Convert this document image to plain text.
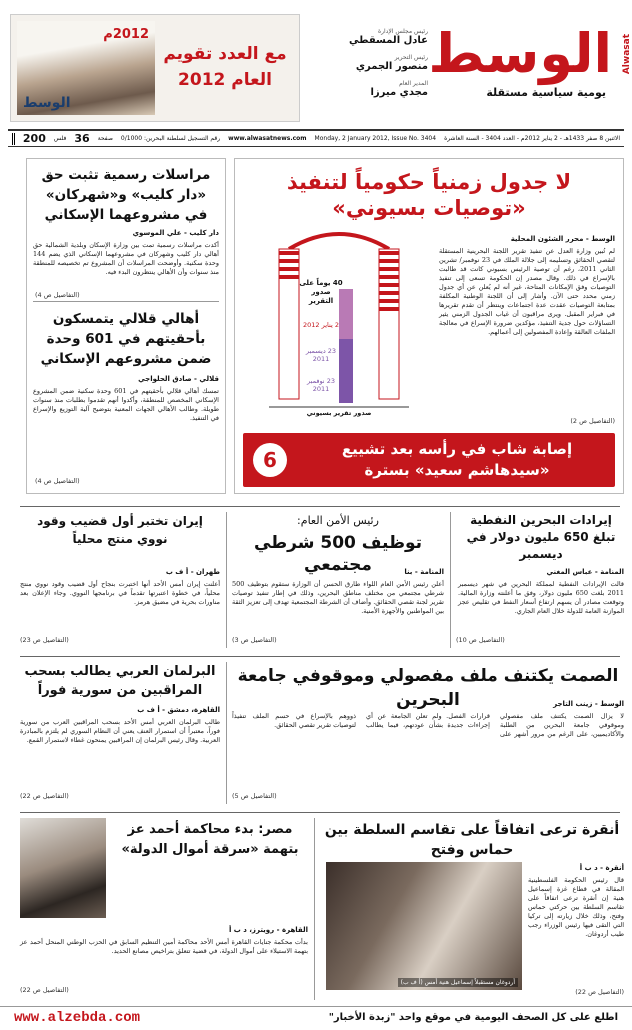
الوسط Alwasat
يومية سياسية مستقلة
رئيس مجلس الإدارة
عادل المسقطي
رئيس التحرير
منصور الجمري
المدير العام
مجدي ميرزا
2012م
الوسط
مع العدد تقويم العام 2012
الاثنين 8 صفر 1433هـ - 2 يناير 2012م - العدد 3404 - السنة العاشرة
Monday, 2 January 2012, Issue No. 3404
www.alwasatnews.com
رقم التسجيل لسلطنة البحرين: 0/1000
صفحة
36
فلس
200
لا جدول زمنياً حكومياً لتنفيذ «توصيات بسيوني»
الوسط - محرر الشئون المحلية
لم تُبين وزارة العدل عن تنفيذ تقرير اللجنة البحرينية المستقلة لتقصي الحقائق وتسليمه إلى جلالة الملك في 23 نوفمبر/ تشرين الثاني 2011، رغم أن توصية الرئيس بسيوني كانت قد طالبت بالإسراع في ذلك. وقال مصدر إن الحكومة تسعى إلى تنفيذ التوصيات وفق الإمكانات المتاحة، غير أنه لم يُعلن عن أي جدول زمني محدد حتى الآن. وأشار إلى أن اللجنة الوطنية المكلفة بمتابعة التوصيات عقدت عدة اجتماعات وينتظر أن تقدم تقريرها في فبراير المقبل. ويرى مراقبون أن غياب الجدول الزمني يثير التساؤلات حول جدية التنفيذ، مؤكدين ضرورة الإسراع في معالجة الملفات العالقة وإعادة المفصولين إلى أعمالهم.
(التفاصيل ص 2)
40 يوماً على صدور التقرير
2 يناير 2012
23 ديسمبر 2011
23 نوفمبر 2011
صدور تقرير بسيوني
إصابة شاب في رأسه بعد تشييع «سيدهاشم سعيد» بسترة
6
مراسلات رسمية تثبت حق «دار كليب» و«شهركان» في مشروعهما الإسكاني
دار كليب - علي الموسوي
أكدت مراسلات رسمية تمت بين وزارة الإسكان وبلدية الشمالية حق أهالي دار كليب وشهركان في مشروعهما الإسكاني الذي يضم 144 وحدة سكنية. وأوضحت المراسلات أن المشروع تم تخصيصه للمنطقة منذ سنوات وأن الأهالي ينتظرون البدء فيه.
(التفاصيل ص 4)
أهالي قلالي يتمسكون بأحقيتهم في 601 وحدة ضمن مشروعهم الإسكاني
قلالي - صادق الحلواجي
تمسك أهالي قلالي بأحقيتهم في 601 وحدة سكنية ضمن المشروع الإسكاني المخصص للمنطقة، وأكدوا أنهم تقدموا بطلبات منذ سنوات طويلة. وطالب الأهالي الجهات المعنية بتوضيح آلية التوزيع والإسراع في التنفيذ.
(التفاصيل ص 4)
إيرادات البحرين النفطية تبلغ 650 مليون دولار في ديسمبر
المنامة - عباس المغني
قالت الإيرادات النفطية لمملكة البحرين في شهر ديسمبر 2011 بلغت 650 مليون دولار، وفق ما أعلنته وزارة المالية. وتوقعت مصادر أن يسهم ارتفاع أسعار النفط في تقليص عجز الموازنة العامة للدولة خلال العام الجاري.
(التفاصيل ص 10)
رئيس الأمن العام:
توظيف 500 شرطي مجتمعي	المنامة - بنا
أعلن رئيس الأمن العام اللواء طارق الحسن أن الوزارة ستقوم بتوظيف 500 شرطي مجتمعي من مختلف مناطق البحرين، وذلك في إطار تنفيذ توصيات تقرير لجنة تقصي الحقائق. وأضاف أن الشرطة المجتمعية تهدف إلى تعزيز الثقة بين المواطنين والأجهزة الأمنية.
(التفاصيل ص 3)
إيران تختبر أول قضيب وقود نووي منتج محلياً
طهران - أ ف ب
أعلنت إيران أمس الأحد أنها اختبرت بنجاح أول قضيب وقود نووي منتج محلياً، في خطوة اعتبرتها تقدماً في برنامجها النووي. وجاء الإعلان بعد مناورات بحرية في مضيق هرمز.
(التفاصيل ص 23)
الصمت يكتنف ملف مفصولي وموقوفي جامعة البحرين	الوسط - زينب التاجر
لا يزال الصمت يكتنف ملف مفصولي وموقوفي جامعة البحرين من الطلبة والأكاديميين، على الرغم من مرور أشهر على قرارات الفصل. ولم تعلن الجامعة عن أي إجراءات جديدة بشأن عودتهم، فيما يطالب ذووهم بالإسراع في حسم الملف تنفيذاً لتوصيات تقرير تقصي الحقائق.
(التفاصيل ص 5)
البرلمان العربي يطالب بسحب المراقبين من سورية فوراً
القاهرة، دمشق - أ ف ب
طالب البرلمان العربي أمس الأحد بسحب المراقبين العرب من سورية فوراً، معتبراً أن استمرار العنف يعني أن النظام السوري لم يلتزم بالمبادرة العربية. وقال رئيس البرلمان إن المراقبين يمنحون غطاء لاستمرار القمع.
(التفاصيل ص 22)
أنقرة ترعى اتفاقاً على تقاسم السلطة بين حماس وفتح
أنقرة - د ب أ
قال رئيس الحكومة الفلسطينية المقالة في قطاع غزة إسماعيل هنية إن أنقرة ترعى اتفاقاً على تقاسم السلطة بين حركتي حماس وفتح، وذلك خلال زيارته إلى تركيا التي التقى فيها رئيس الوزراء رجب طيب أردوغان.
(التفاصيل ص 22)
أردوغان مستقبلاً إسماعيل هنية أمس (أ ف ب)
مصر: بدء محاكمة أحمد عز بتهمة «سرقة أموال الدولة»
القاهرة - رويترز، د ب أ
بدأت محكمة جنايات القاهرة أمس الأحد محاكمة أمين التنظيم السابق في الحزب الوطني المنحل أحمد عز بتهمة الاستيلاء على أموال الدولة، في قضية تتعلق بتراخيص مصانع الحديد.
(التفاصيل ص 22)
www.alzebda.com	اطلع على كل الصحف اليومية في موقع واحد "زبدة الأخبار"
